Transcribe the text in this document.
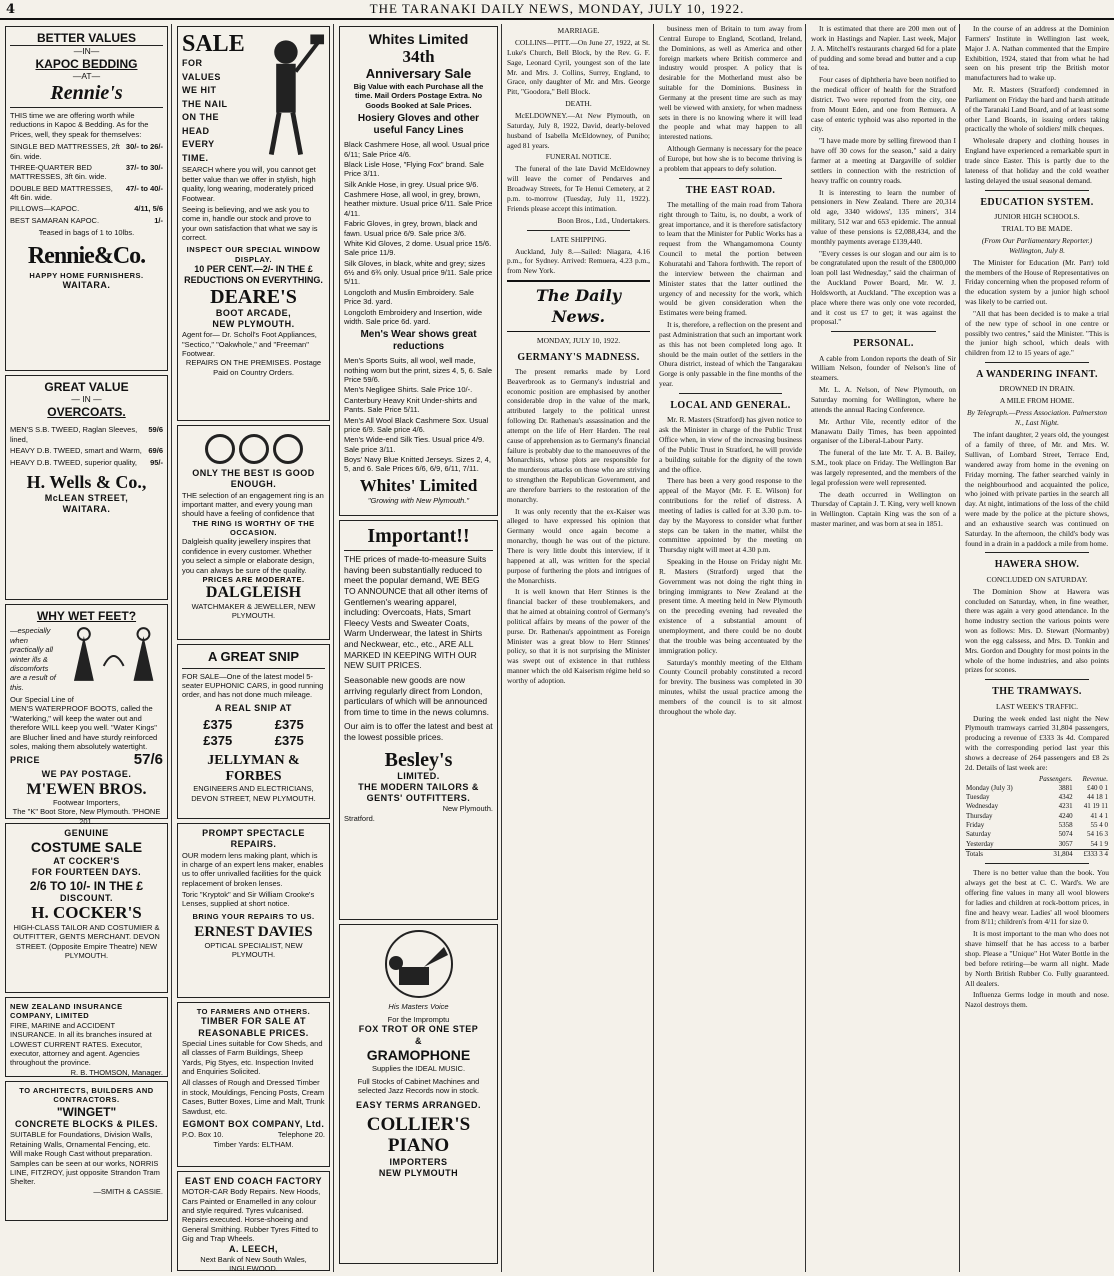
4	THE TARANAKI DAILY NEWS, MONDAY, JULY 10, 1922.
BETTER VALUES
—IN—
KAPOC BEDDING
—AT—
Rennie's
THIS time we are offering worth while reductions in Kapoc & Bedding. As for the Prices, well, they speak for themselves:
SINGLE BED MATTRESSES, 2ft 6in. wide.
30/- to 26/-
THREE-QUARTER BED MATTRESSES, 3ft 6in. wide.
37/- to 30/-
DOUBLE BED MATTRESSES, 4ft 6in. wide.
47/- to 40/-
PILLOWS—KAPOC.	4/11, 5/6
BEST SAMARAN KAPOC.	1/-
Teased in bags of 1 to 10lbs.
Rennie&Co.
HAPPY HOME FURNISHERS.
WAITARA.
GREAT VALUE
— IN —
OVERCOATS.
MEN'S S.B. TWEED, Raglan Sleeves, lined,
59/6
HEAVY D.B. TWEED, smart and Warm, 69/6
HEAVY D.B. TWEED, superior quality, 95/-
H. Wells & Co.,
McLEAN STREET,
WAITARA.
WHY WET FEET?
—especially when practically all winter ills & discomforts are a result of this.
Our Special Line of
MEN'S WATERPROOF BOOTS, called the "Waterking," will keep the water out and therefore WILL keep you well. "Water Kings" are Blucher lined and have sturdy reinforced soles, making them absolutely watertight.
PRICE	57/6
WE PAY POSTAGE.
M'EWEN BROS.
Footwear Importers,
The "K" Boot Store, New Plymouth. 'PHONE 201.
GENUINE
COSTUME SALE
AT COCKER'S
FOR FOURTEEN DAYS.
2/6 TO 10/- IN THE £
DISCOUNT.
H. COCKER'S
HIGH-CLASS TAILOR AND COSTUMIER & OUTFITTER, GENTS MERCHANT. DEVON STREET. (Opposite Empire Theatre) NEW PLYMOUTH.
NEW ZEALAND INSURANCE COMPANY, LIMITED
FIRE, MARINE and ACCIDENT INSURANCE. In all its branches insured at LOWEST CURRENT RATES. Executor, executor, attorney and agent. Agencies throughout the province.
R. B. THOMSON, Manager.
TO ARCHITECTS, BUILDERS AND CONTRACTORS.
"WINGET"
CONCRETE BLOCKS & PILES.
SUITABLE for Foundations, Division Walls, Retaining Walls, Ornamental Fencing, etc. Will make Rough Cast without preparation. Samples can be seen at our works, NORRIS LINE, FITZROY, just opposite Strandon Tram Shelter.
—SMITH & CASSIE.
SALE
FOR
VALUES
WE HIT
THE NAIL
ON THE
HEAD
EVERY
TIME.
SEARCH where you will, you cannot get better value than we offer in stylish, high quality, long wearing, moderately priced Footwear.
Seeing is believing, and we ask you to come in, handle our stock and prove to your own satisfaction that what we say is correct.
INSPECT OUR SPECIAL WINDOW DISPLAY.
10 PER CENT.—2/- IN THE £ REDUCTIONS ON EVERYTHING.
DEARE'S
BOOT ARCADE,
NEW PLYMOUTH.
Agent for— Dr. Scholl's Foot Appliances, "Sectico," "Oakwhole," and "Freeman" Footwear.
REPAIRS ON THE PREMISES. Postage Paid on Country Orders.
ONLY THE BEST IS GOOD ENOUGH.
THE selection of an engagement ring is an important matter, and every young man should have a feeling of confidence that
THE RING IS WORTHY OF THE OCCASION.
Dalgleish quality jewellery inspires that confidence in every customer. Whether you select a simple or elaborate design, you can always be sure of the quality.
PRICES ARE MODERATE.
DALGLEISH
WATCHMAKER & JEWELLER, NEW PLYMOUTH.
A GREAT SNIP
FOR SALE—One of the latest model 5-seater EUPHONIC CARS, in good running order, and has not done much mileage.
A REAL SNIP AT
£375	£375
£375	£375
JELLYMAN & FORBES
ENGINEERS AND ELECTRICIANS, DEVON STREET, NEW PLYMOUTH.
PROMPT SPECTACLE REPAIRS.
OUR modern lens making plant, which is in charge of an expert lens maker, enables us to offer unrivalled facilities for the quick replacement of broken lenses.
Toric "Kryptok" and Sir William Crooke's Lenses, supplied at short notice.
BRING YOUR REPAIRS TO US.
ERNEST DAVIES
OPTICAL SPECIALIST, NEW PLYMOUTH.
TO FARMERS AND OTHERS.
TIMBER FOR SALE AT REASONABLE PRICES.
Special Lines suitable for Cow Sheds, and all classes of Farm Buildings, Sheep Yards, Pig Styes, etc. Inspection Invited and Enquiries Solicited.
All classes of Rough and Dressed Timber in stock, Mouldings, Fencing Posts, Cream Cases, Butter Boxes, Lime and Malt, Trunk Sawdust, etc.
EGMONT BOX COMPANY, Ltd.
P.O. Box 10.	Telephone 20.
Timber Yards: ELTHAM.
EAST END COACH FACTORY
MOTOR-CAR Body Repairs. New Hoods, Cars Painted or Enamelled in any colour and style required. Tyres vulcanised. Repairs executed. Horse-shoeing and General Smithing. Rubber Tyres Fitted to Gig and Trap Wheels.
A. LEECH,
Next Bank of New South Wales, INGLEWOOD.
Whites Limited
34th
Anniversary Sale
Big Value with each Purchase all the time. Mail Orders Postage Extra. No Goods Booked at Sale Prices.
Hosiery Gloves and other useful Fancy Lines
Black Cashmere Hose, all wool. Usual price 6/11; Sale Price 4/6.
Black Lisle Hose, "Flying Fox" brand. Sale Price 3/11.
Silk Ankle Hose, in grey. Usual price 9/6.
Cashmere Hose, all wool, in grey, brown, heather mixture. Usual price 6/11. Sale Price 4/11.
Fabric Gloves, in grey, brown, black and fawn. Usual price 6/9. Sale price 3/6.
White Kid Gloves, 2 dome. Usual price 15/6. Sale price 11/9.
Silk Gloves, in black, white and grey; sizes 6½ and 6¾ only. Usual price 9/11. Sale price 5/11.
Longcloth and Muslin Embroidery. Sale Price 3d. yard.
Longcloth Embroidery and Insertion, wide width. Sale price 6d. yard.
Men's Wear shows great reductions
Men's Sports Suits, all wool, well made, nothing worn but the print, sizes 4, 5, 6. Sale Price 59/6.
Men's Negligee Shirts. Sale Price 10/-.
Canterbury Heavy Knit Under-shirts and Pants. Sale Price 5/11.
Men's All Wool Black Cashmere Sox. Usual price 6/9. Sale price 4/6.
Men's Wide-end Silk Ties. Usual price 4/9. Sale price 3/11.
Boys' Navy Blue Knitted Jerseys. Sizes 2, 4, 5, and 6. Sale Prices 6/6, 6/9, 6/11, 7/11.
Whites' Limited
"Growing with New Plymouth."
Important!!
THE prices of made-to-measure Suits having been substantially reduced to meet the popular demand, WE BEG TO ANNOUNCE that all other items of Gentlemen's wearing apparel, including: Overcoats, Hats, Smart Fleecy Vests and Sweater Coats, Warm Underwear, the latest in Shirts and Neckwear, etc., etc., ARE ALL MARKED IN KEEPING WITH OUR NEW SUIT PRICES.
Seasonable new goods are now arriving regularly direct from London, particulars of which will be announced from time to time in the news columns.
Our aim is to offer the latest and best at the lowest possible prices.
Besley's
LIMITED.
THE MODERN TAILORS & GENTS' OUTFITTERS.
New Plymouth.
Stratford.
His Masters Voice
For the Impromptu
FOX TROT OR ONE STEP
&
GRAMOPHONE
Supplies the IDEAL MUSIC.
Full Stocks of Cabinet Machines and selected Jazz Records now in stock.
EASY TERMS ARRANGED.
COLLIER'S PIANO
IMPORTERS
NEW PLYMOUTH
MARRIAGE.

COLLINS—PITT.—On June 27, 1922, at St. Luke's Church, Bell Block, by the Rev. G. F. Sage, Leonard Cyril, youngest son of the late Mr. and Mrs. J. Collins, Surrey, England, to Grace, only daughter of Mr. and Mrs. George Pitt, "Goodora," Bell Block.

DEATH.

McELDOWNEY.—At New Plymouth, on Saturday, July 8, 1922, David, dearly-beloved husband of Isabella McEldowney, of Puniho; aged 81 years.

FUNERAL NOTICE.

The funeral of the late David McEldowney will leave the corner of Pendarves and Broadway Streets, for Te Henui Cemetery, at 2 p.m. to-morrow (Tuesday, July 11, 1922). Friends please accept this intimation.

Boon Bros., Ltd., Undertakers.
LATE SHIPPING.

Auckland, July 8.—Sailed: Niagara, 4.16 p.m., for Sydney. Arrived: Remuera, 4.23 p.m., from New York.

The Daily News.
MONDAY, JULY 10, 1922.
GERMANY'S MADNESS.

The present remarks made by Lord Beaverbrook as to Germany's industrial and economic position are emphasised by another considerable drop in the value of the mark, attributed largely to the political unrest following Dr. Rathenau's assassination and the attempt on the life of Herr Harden. The real cause of apprehension as to Germany's financial failure is probably due to the manoeuvres of the Monarchists, whose plots are responsible for the murderous attacks on those who are striving to strengthen the Republican Government, and are therefore barriers to the restoration of the monarchy.

It was only recently that the ex-Kaiser was alleged to have expressed his opinion that Germany would once again become a monarchy, though he was out of the picture. There is very little doubt this interview, if it happened at all, was written for the special purpose of furthering the plots and intrigues of the Monarchists.

It is well known that Herr Stinnes is the financial backer of these troublemakers, and that he aimed at obtaining control of Germany's political affairs by means of the power of the purse. Dr. Rathenau's appointment as Foreign Minister was a great blow to Herr Stinnes' policy, so that it is not surprising the Minister was swept out of existence in that ruthless manner which the old Kaiserism régime held so worthy of adoption.

business men of Britain to turn away from Central Europe to England, Scotland, Ireland, the Dominions, as well as America and other foreign markets where British commerce and industry would prosper. A policy that is desirable for the Motherland must also be suitable for the Dominions. Business in Germany at the present time are such as may well be viewed with anxiety, for when madness sets in there is no knowing where it will lead the people and what may happen to all interested nations.

Although Germany is necessary for the peace of Europe, but how she is to become thriving is a problem that appears to defy solution.

THE EAST ROAD.

The metalling of the main road from Tahora right through to Taitu, is, no doubt, a work of great importance, and it is therefore satisfactory to learn that the Minister for Public Works has a request from the Whangamomona County Council to metal the portion between Kohuratahi and Tahora forthwith. The report of the interview between the chairman and Minister states that the latter outlined the urgency of and necessity for the work, which would be given consideration when the Estimates were being framed.

It is, therefore, a reflection on the present and past Administration that such an important work as this has not been completed long ago. It should be the main outlet of the settlers in the Ohura district, instead of which the Tangarakau Gorge is only passable in the fine months of the year.

LOCAL AND GENERAL.

Mr. R. Masters (Stratford) has given notice to ask the Minister in charge of the Public Trust Office when, in view of the increasing business of the Public Trust in Stratford, he will provide a building suitable for the dignity of the town and the office.

There has been a very good response to the appeal of the Mayor (Mr. F. E. Wilson) for contributions for the relief of distress. A meeting of ladies is called for at 3.30 p.m. to-day by the Mayoress to consider what further steps can be taken in the matter, whilst the committee appointed by the meeting on Thursday night will meet at 4.30 p.m.

Speaking in the House on Friday night Mr. R. Masters (Stratford) urged that the Government was not doing the right thing in bringing immigrants to New Zealand at the present time. A meeting held in New Plymouth on the preceding evening had revealed the existence of a substantial amount of unemployment, and there could be no doubt that the trouble was being accentuated by the immigration policy.

Saturday's monthly meeting of the Eltham County Council probably constituted a record for brevity. The business was completed in 30 minutes, whilst the usual practice among the members of the council is to sit almost throughout the whole day.

It is estimated that there are 200 men out of work in Hastings and Napier. Last week, Major J. A. Mitchell's restaurants charged 6d for a plate of pudding and some bread and butter and a cup of tea.

Four cases of diphtheria have been notified to the medical officer of health for the Stratford district. Two were reported from the city, one from Mount Eden, and one from Remuera. A case of enteric typhoid was also reported in the city.

"I have made more by selling firewood than I have off 30 cows for the season," said a dairy farmer at a meeting at Dargaville of soldier settlers in connection with the restriction of heavy traffic on country roads.

It is interesting to learn the number of pensioners in New Zealand. There are 20,314 old age, 3340 widows', 135 miners', 314 military, 512 war and 653 epidemic. The annual value of these pensions is £2,088,434, and the monthly payments average £139,440.

"Every cesses is our slogan and our aim is to be congratulated upon the result of the £800,000 loan poll last Wednesday," said the chairman of the Auckland Power Board, Mr. W. J. Holdsworth, at Auckland. "The exception was a place where there was only one vote recorded, and it cost us £7 to get; it was against the proposal."

PERSONAL.

A cable from London reports the death of Sir William Nelson, founder of Nelson's line of steamers.

Mr. L. A. Nelson, of New Plymouth, on Saturday morning for Wellington, where he attends the annual Racing Conference.

Mr. Arthur Vile, recently editor of the Manawatu Daily Times, has been appointed organiser of the Liberal-Labour Party.

The funeral of the late Mr. T. A. B. Bailey, S.M., took place on Friday. The Wellington Bar was largely represented, and the members of the legal profession were well represented.

The death occurred in Wellington on Thursday of Captain J. T. King, very well known in Wellington. Captain King was the son of a master mariner, and was born at sea in 1851.

In the course of an address at the Dominion Farmers' Institute in Wellington last week, Major J. A. Nathan commented that the Empire Exhibition, 1924, stated that from what he had seen on his present trip the British motor manufacturers had to wake up.

Mr. R. Masters (Stratford) condemned in Parliament on Friday the hard and harsh attitude of the Taranaki Land Board, and of at least some other Land Boards, in issuing orders taking practically the whole of soldiers' milk cheques.

Wholesale drapery and clothing houses in England have experienced a remarkable spurt in trade since Easter. This is partly due to the lateness of that holiday and the cold weather lasting delayed the usual seasonal demand.

EDUCATION SYSTEM.
JUNIOR HIGH SCHOOLS.
TRIAL TO BE MADE.
(From Our Parliamentary Reporter.) Wellington, July 8.

The Minister for Education (Mr. Parr) told the members of the House of Representatives on Friday concerning when the proposed reform of the education system by a junior high school was likely to be carried out.

"All that has been decided is to make a trial of the new type of school in one centre or possibly two centres," said the Minister. "This is the junior high school, which deals with children from 12 to 15 years of age."

A WANDERING INFANT.
DROWNED IN DRAIN.
A MILE FROM HOME.
By Telegraph.—Press Association. Palmerston N., Last Night.

The infant daughter, 2 years old, the youngest of a family of three, of Mr. and Mrs. W. Sullivan, of Lombard Street, Terrace End, wandered away from home in the evening on Friday morning. The father searched vainly in the neighbourhood and acquainted the police, who joined with private parties in the search all day. At night, intimations of the loss of the child were made by the police at the picture shows, and an exhaustive search was continued on Saturday. In the afternoon, the child's body was found in a drain in a paddock a mile from home.

HAWERA SHOW.
CONCLUDED ON SATURDAY.

The Dominion Show at Hawera was concluded on Saturday, when, in fine weather, there was again a very good attendance. In the home industry section the various points were won as follows: Mrs. D. Stewart (Normanby) won the egg calssess, and Mrs. D. Tonkin and Mrs. Gordon and Doughty for most points in the whole of the home industries, and also points prizes for scones.

THE TRAMWAYS.
LAST WEEK'S TRAFFIC.

During the week ended last night the New Plymouth tramways carried 31,804 passengers, producing a revenue of £333 3s 4d. Compared with the corresponding period last year this shows a decrease of 264 passengers and £8 2s 2d. Details of last week are:

	Passengers.	Revenue.
Monday (July 3)	3881	£40 0 1
Tuesday	4342	44 18 1
Wednesday	4231	41 19 11
Thursday	4240	41 4 1
Friday	5358	55 4 0
Saturday	5074	54 16 3
Yesterday	3057	54 1 9
Totals	31,804	£333 3 4

There is no better value than the book. You always get the best at C. C. Ward's. We are offering fine values in many all wool blowers for ladies and children at rock-bottom prices, in fine and heavy wear. Ladies' all wool bloomers from 8/11; children's from 4/11 for size 0.

It is most important to the man who does not shave himself that he has access to a barber shop. Please a "Unique" Hot Water Bottle in the bed before retiring—be warm all night. Made by North British Rubber Co. Fully guaranteed. All dealers.

Influenza Germs lodge in mouth and nose. Nazol destroys them.
